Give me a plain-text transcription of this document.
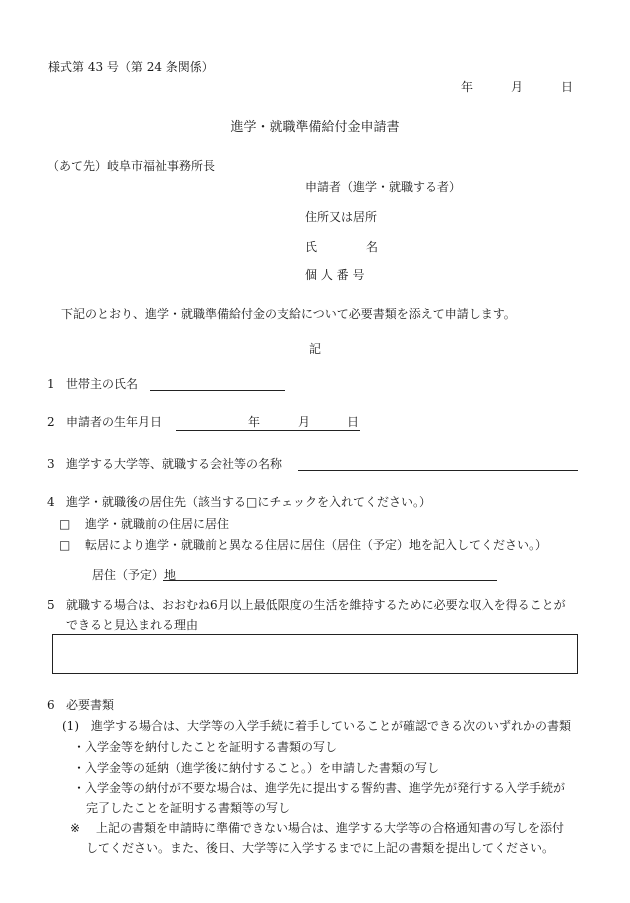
様式第 43 号（第 24 条関係）
年	月	日
進学・就職準備給付金申請書
（あて先）岐阜市福祉事務所長
申請者（進学・就職する者）
住所又は居所
氏	名
個 人 番 号
下記のとおり、進学・就職準備給付金の支給について必要書類を添えて申請します。
記
1 世帯主の氏名
2 申請者の生年月日	年	月	日
3 進学する大学等、就職する会社等の名称
4 進学・就職後の居住先（該当する□にチェックを入れてください。）
□ 進学・就職前の住居に居住
□ 転居により進学・就職前と異なる住居に居住（居住（予定）地を記入してください。）
居住（予定）地
5 就職する場合は、おおむね6月以上最低限度の生活を維持するために必要な収入を得ることが
できると見込まれる理由
6 必要書類
(1)　進学する場合は、大学等の入学手続に着手していることが確認できる次のいずれかの書類
・入学金等を納付したことを証明する書類の写し
・入学金等の延納（進学後に納付すること。）を申請した書類の写し
・入学金等の納付が不要な場合は、進学先に提出する誓約書、進学先が発行する入学手続が
完了したことを証明する書類等の写し
※ 上記の書類を申請時に準備できない場合は、進学する大学等の合格通知書の写しを添付
してください。また、後日、大学等に入学するまでに上記の書類を提出してください。
